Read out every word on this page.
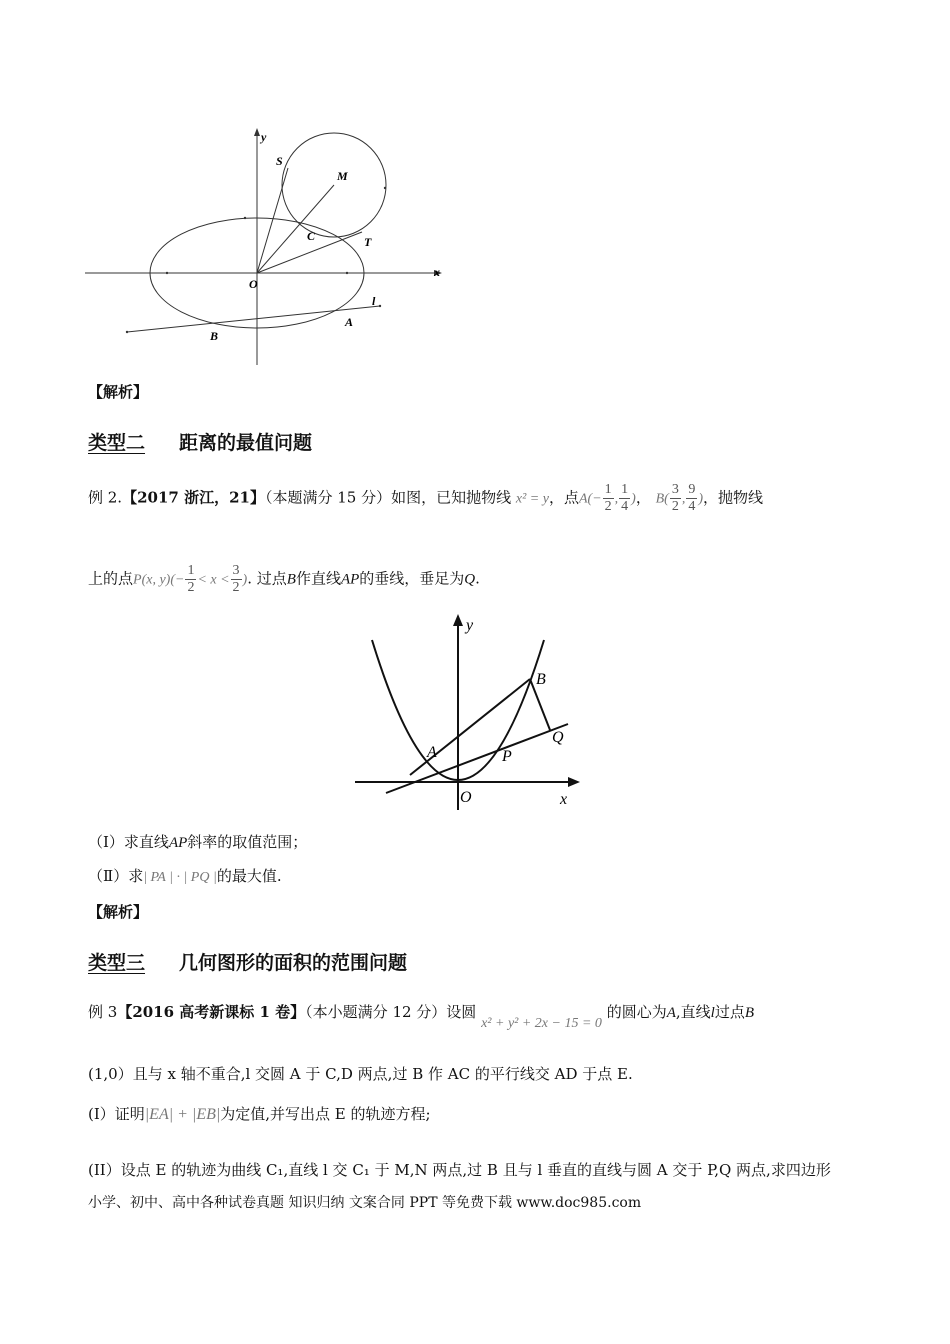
y
S
M
C	T
O
x
l
A
B
【解析】
类型二 距离的最值问题
例 2.【2017 浙江，21】（本题满分 15 分）如图，已知抛物线 x² = y，点$A(- \frac{1}{2}$ , $\frac{1}{4}$ )， $B( \frac{3}{2}$ , $\frac{9}{4}$ )，抛物线
上的点P(x, $y)(- \frac{1}{2} < x < \frac{3}{2}$ ). 过点B作直线AP的垂线，垂足为Q.
y
B
Q
A	P
O	x
（Ⅰ）求直线AP斜率的取值范围；
（Ⅱ）求| PA | · | PQ |的最大值.
【解析】
类型三 几何图形的面积的范围问题
例 3【2016 高考新课标 1 卷】（本小题满分 12 分）设圆 x² + y² + 2x − 15 = 0 的圆心为A,直线l过点B
(1,0）且与 x 轴不重合,l 交圆 A 于 C,D 两点,过 B 作 AC 的平行线交 AD 于点 E.
(I）证明|EA| + |EB|为定值,并写出点 E 的轨迹方程;
(II）设点 E 的轨迹为曲线 C₁,直线 l 交 C₁ 于 M,N 两点,过 B 且与 l 垂直的直线与圆 A 交于 P,Q 两点,求四边形
小学、初中、高中各种试卷真题 知识归纳 文案合同 PPT 等免费下载 www.doc985.com
